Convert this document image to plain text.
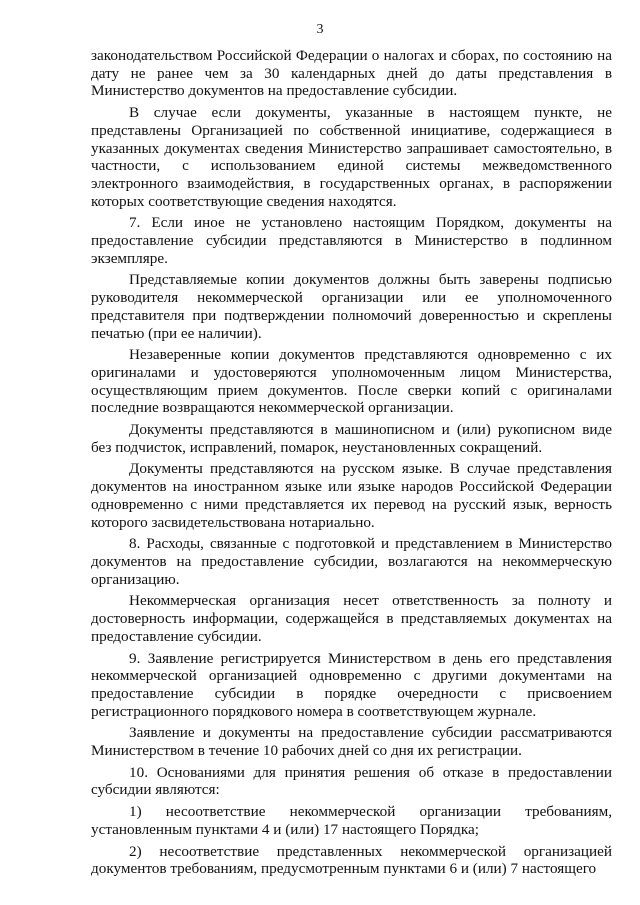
3

законодательством Российской Федерации о налогах и сборах, по состоянию на дату не ранее чем за 30 календарных дней до даты представления в Министерство документов на предоставление субсидии.

В случае если документы, указанные в настоящем пункте, не представлены Организацией по собственной инициативе, содержащиеся в указанных документах сведения Министерство запрашивает самостоятельно, в частности, с использованием единой системы межведомственного электронного взаимодействия, в государственных органах, в распоряжении которых соответствующие сведения находятся.

7. Если иное не установлено настоящим Порядком, документы на предоставление субсидии представляются в Министерство в подлинном экземпляре.

Представляемые копии документов должны быть заверены подписью руководителя некоммерческой организации или ее уполномоченного представителя при подтверждении полномочий доверенностью и скреплены печатью (при ее наличии).

Незаверенные копии документов представляются одновременно с их оригиналами и удостоверяются уполномоченным лицом Министерства, осуществляющим прием документов. После сверки копий с оригиналами последние возвращаются некоммерческой организации.

Документы представляются в машинописном и (или) рукописном виде без подчисток, исправлений, помарок, неустановленных сокращений.

Документы представляются на русском языке. В случае представления документов на иностранном языке или языке народов Российской Федерации одновременно с ними представляется их перевод на русский язык, верность которого засвидетельствована нотариально.

8. Расходы, связанные с подготовкой и представлением в Министерство документов на предоставление субсидии, возлагаются на некоммерческую организацию.

Некоммерческая организация несет ответственность за полноту и достоверность информации, содержащейся в представляемых документах на предоставление субсидии.

9. Заявление регистрируется Министерством в день его представления некоммерческой организацией одновременно с другими документами на предоставление субсидии в порядке очередности с присвоением регистрационного порядкового номера в соответствующем журнале.

Заявление и документы на предоставление субсидии рассматриваются Министерством в течение 10 рабочих дней со дня их регистрации.

10. Основаниями для принятия решения об отказе в предоставлении субсидии являются:

1) несоответствие некоммерческой организации требованиям, установленным пунктами 4 и (или) 17 настоящего Порядка;

2) несоответствие представленных некоммерческой организацией документов требованиям, предусмотренным пунктами 6 и (или) 7 настоящего
